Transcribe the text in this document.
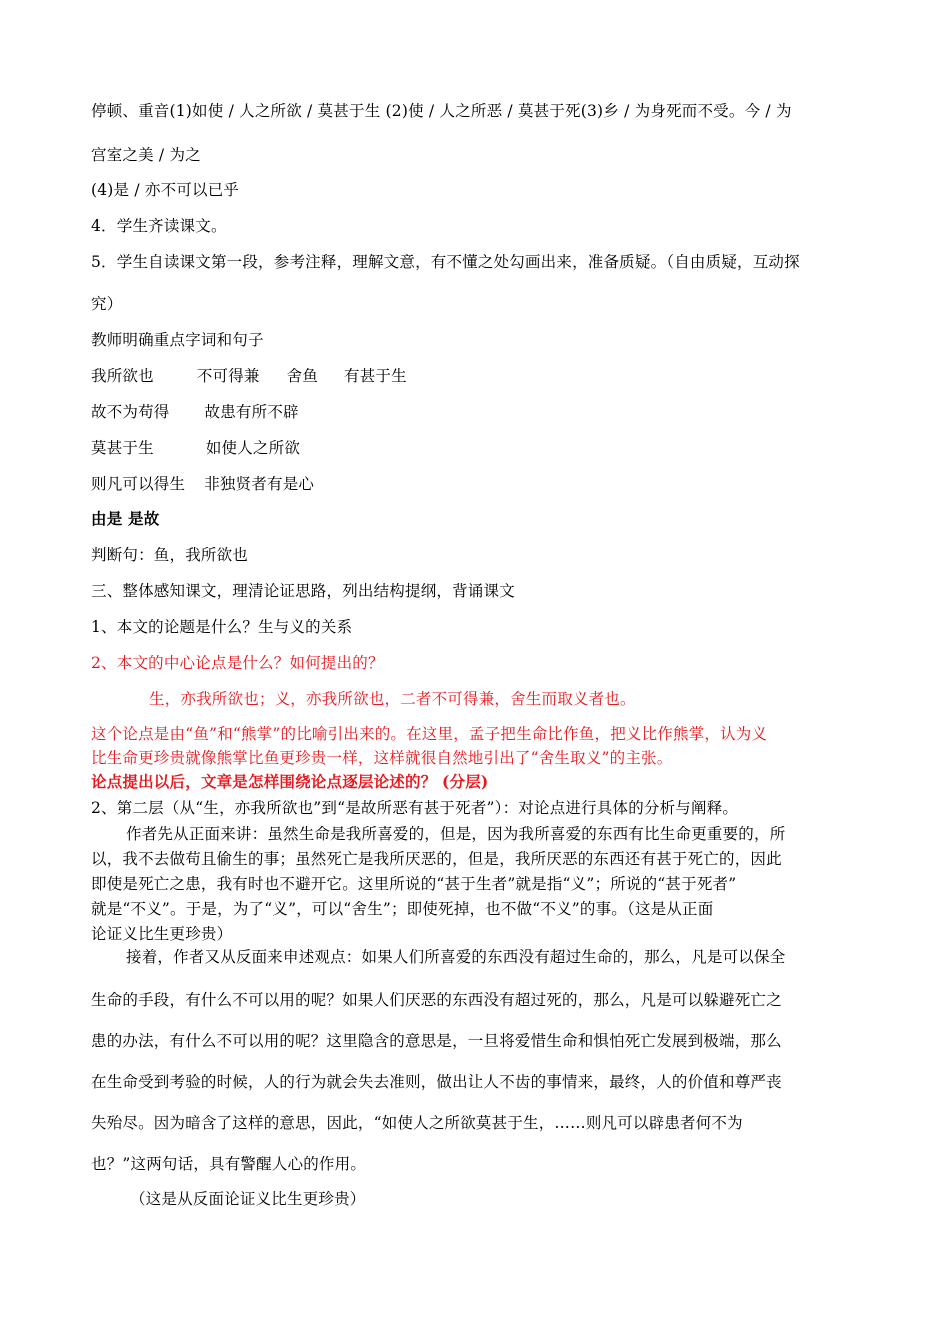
停顿、重音(1)如使 / 人之所欲 / 莫甚于生 (2)使 / 人之所恶 / 莫甚于死(3)乡 / 为身死而不受。今 / 为
宫室之美 / 为之
(4)是 / 亦不可以已乎
4．学生齐读课文。
5．学生自读课文第一段，参考注释，理解文意，有不懂之处勾画出来，准备质疑。（自由质疑，互动探
究）
教师明确重点字词和句子
我所欲也	不可得兼 舍鱼 有甚于生
故不为苟得 故患有所不辟
莫甚于生	如使人之所欲
则凡可以得生 非独贤者有是心
由是 是故
判断句：鱼，我所欲也
三、整体感知课文，理清论证思路，列出结构提纲，背诵课文
1、本文的论题是什么？生与义的关系
2、本文的中心论点是什么？如何提出的？
生，亦我所欲也；义，亦我所欲也，二者不可得兼，舍生而取义者也。
这个论点是由“鱼”和“熊掌”的比喻引出来的。在这里，孟子把生命比作鱼，把义比作熊掌，认为义
比生命更珍贵就像熊掌比鱼更珍贵一样，这样就很自然地引出了“舍生取义”的主张。
论点提出以后，文章是怎样围绕论点逐层论述的？ (分层)
2、第二层（从“生，亦我所欲也”到“是故所恶有甚于死者”）：对论点进行具体的分析与阐释。
作者先从正面来讲：虽然生命是我所喜爱的，但是，因为我所喜爱的东西有比生命更重要的，所
以，我不去做苟且偷生的事；虽然死亡是我所厌恶的，但是，我所厌恶的东西还有甚于死亡的，因此
即使是死亡之患，我有时也不避开它。这里所说的“甚于生者”就是指“义”；所说的“甚于死者”
就是“不义”。于是，为了“义”，可以“舍生”；即使死掉，也不做“不义”的事。（这是从正面
论证义比生更珍贵）
接着，作者又从反面来申述观点：如果人们所喜爱的东西没有超过生命的，那么，凡是可以保全
生命的手段，有什么不可以用的呢？如果人们厌恶的东西没有超过死的，那么，凡是可以躲避死亡之
患的办法，有什么不可以用的呢？这里隐含的意思是，一旦将爱惜生命和惧怕死亡发展到极端，那么
在生命受到考验的时候，人的行为就会失去准则，做出让人不齿的事情来，最终，人的价值和尊严丧
失殆尽。因为暗含了这样的意思，因此，“如使人之所欲莫甚于生，……则凡可以辟患者何不为
也？”这两句话，具有警醒人心的作用。
（这是从反面论证义比生更珍贵）
